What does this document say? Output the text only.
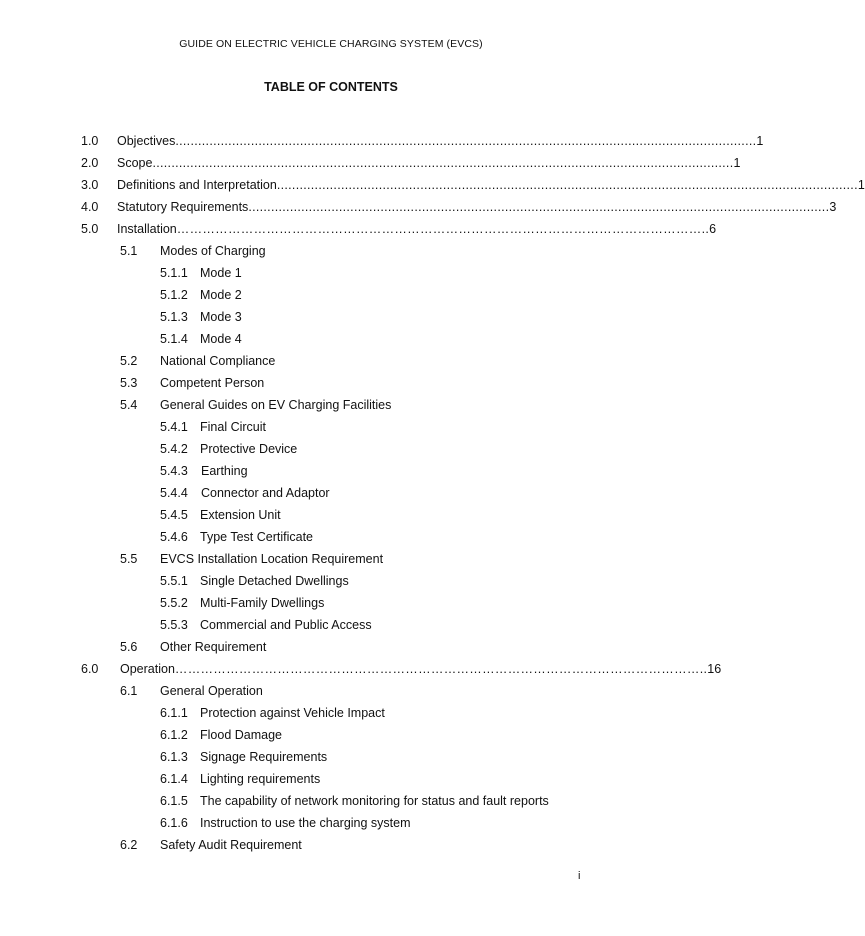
GUIDE ON ELECTRIC VEHICLE CHARGING SYSTEM (EVCS)
TABLE OF CONTENTS
1.0 Objectives .......................................................................................................................................................... 1
2.0 Scope .......................................................................................................................................................... 1
3.0 Definitions and Interpretation .......................................................................................................................................................... 1
4.0 Statutory Requirements .......................................................................................................................................................... 3
5.0 Installation …………………………………………………………………………………………………………….. 6
5.1 Modes of Charging
5.1.1 Mode 1
5.1.2 Mode 2
5.1.3 Mode 3
5.1.4 Mode 4
5.2 National Compliance
5.3 Competent Person
5.4 General Guides on EV Charging Facilities
5.4.1 Final Circuit
5.4.2 Protective Device
5.4.3 Earthing
5.4.4 Connector and Adaptor
5.4.5 Extension Unit
5.4.6 Type Test Certificate
5.5 EVCS Installation Location Requirement
5.5.1 Single Detached Dwellings
5.5.2 Multi-Family Dwellings
5.5.3 Commercial and Public Access
5.6 Other Requirement
6.0 Operation …………………………………………………………………………………………………………….. 16
6.1 General Operation
6.1.1 Protection against Vehicle Impact
6.1.2 Flood Damage
6.1.3 Signage Requirements
6.1.4 Lighting requirements
6.1.5 The capability of network monitoring for status and fault reports
6.1.6 Instruction to use the charging system
6.2 Safety Audit Requirement
i
